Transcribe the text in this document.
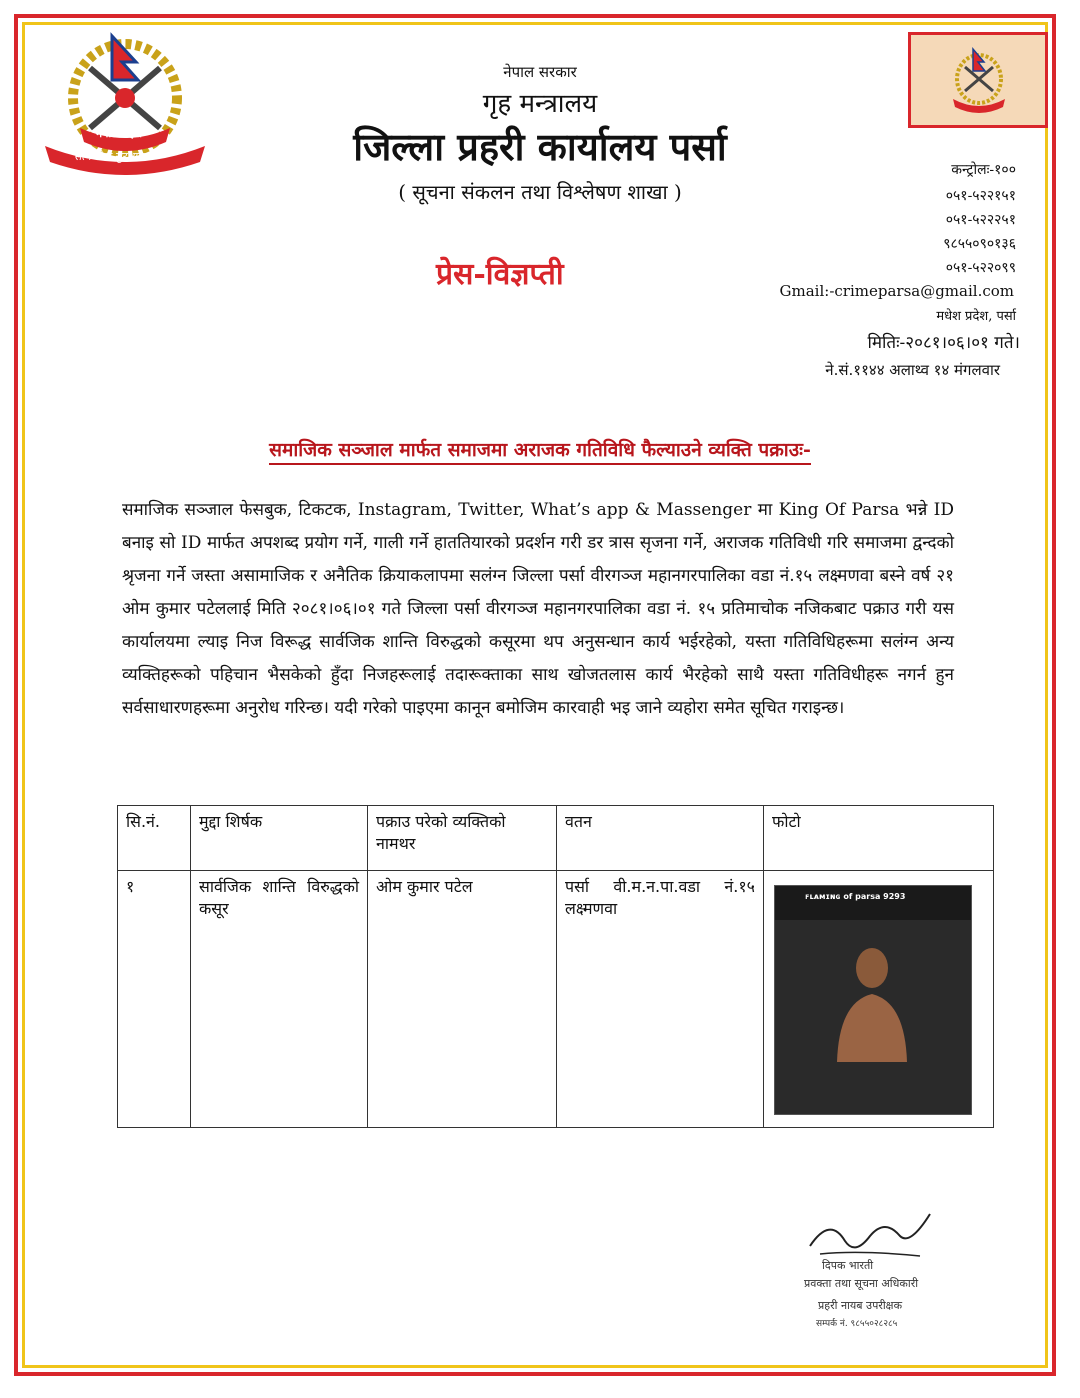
नेपाल प्रहरी
सत्य सेवा सुरक्षणम
नेपाल सरकार
गृह मन्त्रालय
जिल्ला प्रहरी कार्यालय पर्सा
( सूचना संकलन तथा विश्लेषण शाखा )
प्रेस-विज्ञप्ती
कन्ट्रोलः-१००
०५१-५२२१५१
०५१-५२२२५१
९८५५०९०१३६
०५१-५२२०९९
Gmail:-crimeparsa@gmail.com
मधेश प्रदेश, पर्सा
मितिः-२०८१।०६।०१ गते।
ने.सं.११४४ अलाथ्व १४ मंगलवार
समाजिक सञ्जाल मार्फत समाजमा अराजक गतिविधि फैल्याउने व्यक्ति पक्राउः-
समाजिक सञ्जाल फेसबुक, टिकटक, Instagram, Twitter, What’s app & Massenger मा King Of Parsa भन्ने ID बनाइ सो ID मार्फत अपशब्द प्रयोग गर्ने, गाली गर्ने हाततियारको प्रदर्शन गरी डर त्रास सृजना गर्ने, अराजक गतिविधी गरि समाजमा द्वन्दको श्रृजना गर्ने जस्ता असामाजिक र अनैतिक क्रियाकलापमा सलंग्न जिल्ला पर्सा वीरगञ्ज महानगरपालिका वडा नं.१५ लक्ष्मणवा बस्ने वर्ष २१ ओम कुमार पटेललाई मिति २०८१।०६।०१ गते जिल्ला पर्सा वीरगञ्ज महानगरपालिका वडा नं. १५ प्रतिमाचोक नजिकबाट पक्राउ गरी यस कार्यालयमा ल्याइ निज विरूद्ध सार्वजिक शान्ति विरुद्धको कसूरमा थप अनुसन्धान कार्य भईरहेको, यस्ता गतिविधिहरूमा सलंग्न अन्य व्यक्तिहरूको पहिचान भैसकेको हुँदा निजहरूलाई तदारूक्ताका साथ खोजतलास कार्य भैरहेको साथै यस्ता गतिविधीहरू नगर्न हुन सर्वसाधारणहरूमा अनुरोध गरिन्छ। यदी गरेको पाइएमा कानून बमोजिम कारवाही भइ जाने व्यहोरा समेत सूचित गराइन्छ।
सि.नं.	मुद्दा शिर्षक	पक्राउ परेको व्यक्तिको नामथर	वतन	फोटो
१	सार्वजिक शान्ति विरुद्धको कसूर	ओम कुमार पटेल	पर्सा वी.म.न.पा.वडा नं.१५ लक्ष्मणवा	ꜰʟᴀᴍɪɴɢ of parsa 9293
दिपक भारती
प्रवक्ता तथा सूचना अधिकारी
प्रहरी नायब उपरीक्षक
सम्पर्क नं. ९८५५०२८२८५
